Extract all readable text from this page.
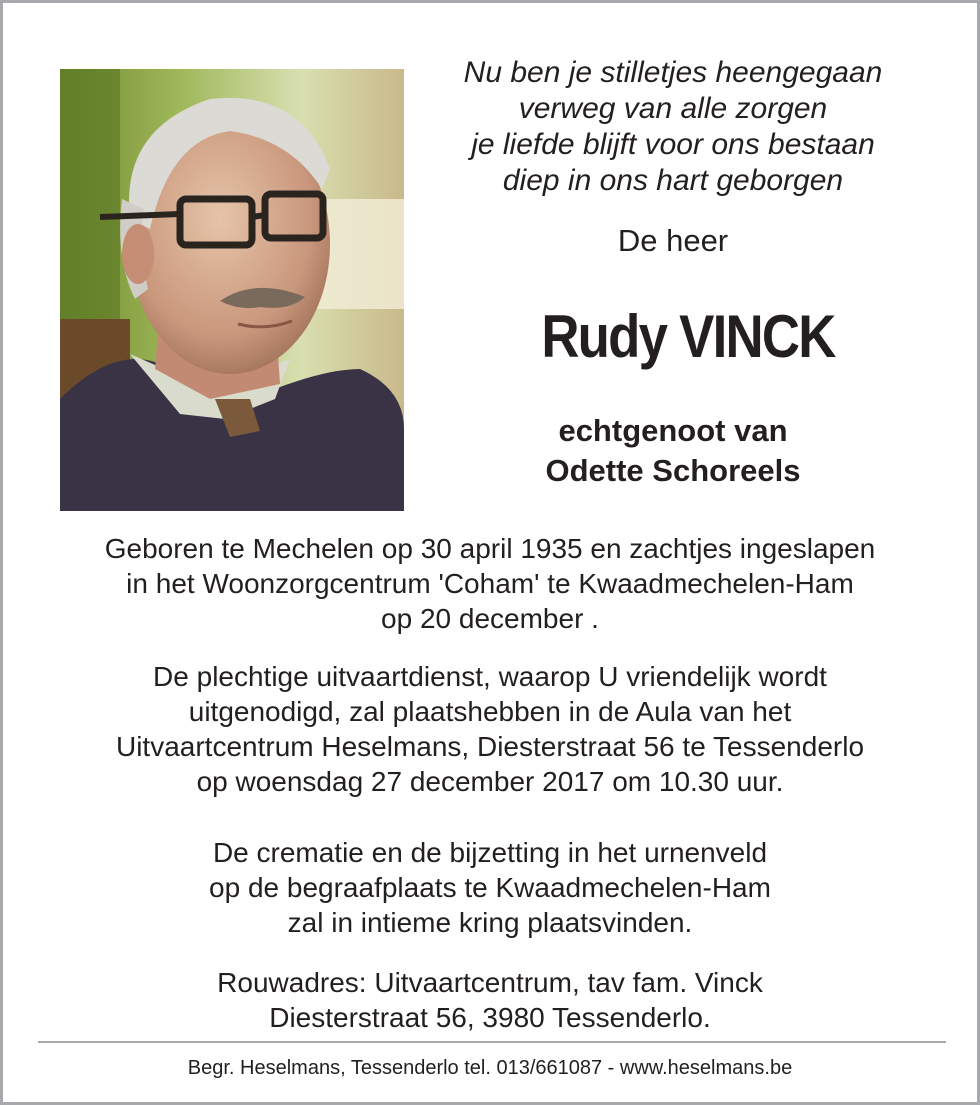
Nu ben je stilletjes heengegaan
verweg van alle zorgen
je liefde blijft voor ons bestaan
diep in ons hart geborgen
De heer
Rudy VINCK
echtgenoot van
Odette Schoreels
Geboren te Mechelen op 30 april 1935 en zachtjes ingeslapen
in het Woonzorgcentrum 'Coham' te Kwaadmechelen-Ham
op 20 december .
De plechtige uitvaartdienst, waarop U vriendelijk wordt
uitgenodigd, zal plaatshebben in de Aula van het
Uitvaartcentrum Heselmans, Diesterstraat 56 te Tessenderlo
op woensdag 27 december 2017 om 10.30 uur.
De crematie en de bijzetting in het urnenveld
op de begraafplaats te Kwaadmechelen-Ham
zal in intieme kring plaatsvinden.
Rouwadres: Uitvaartcentrum, tav fam. Vinck
Diesterstraat 56, 3980 Tessenderlo.
Begr. Heselmans, Tessenderlo tel. 013/661087 - www.heselmans.be
